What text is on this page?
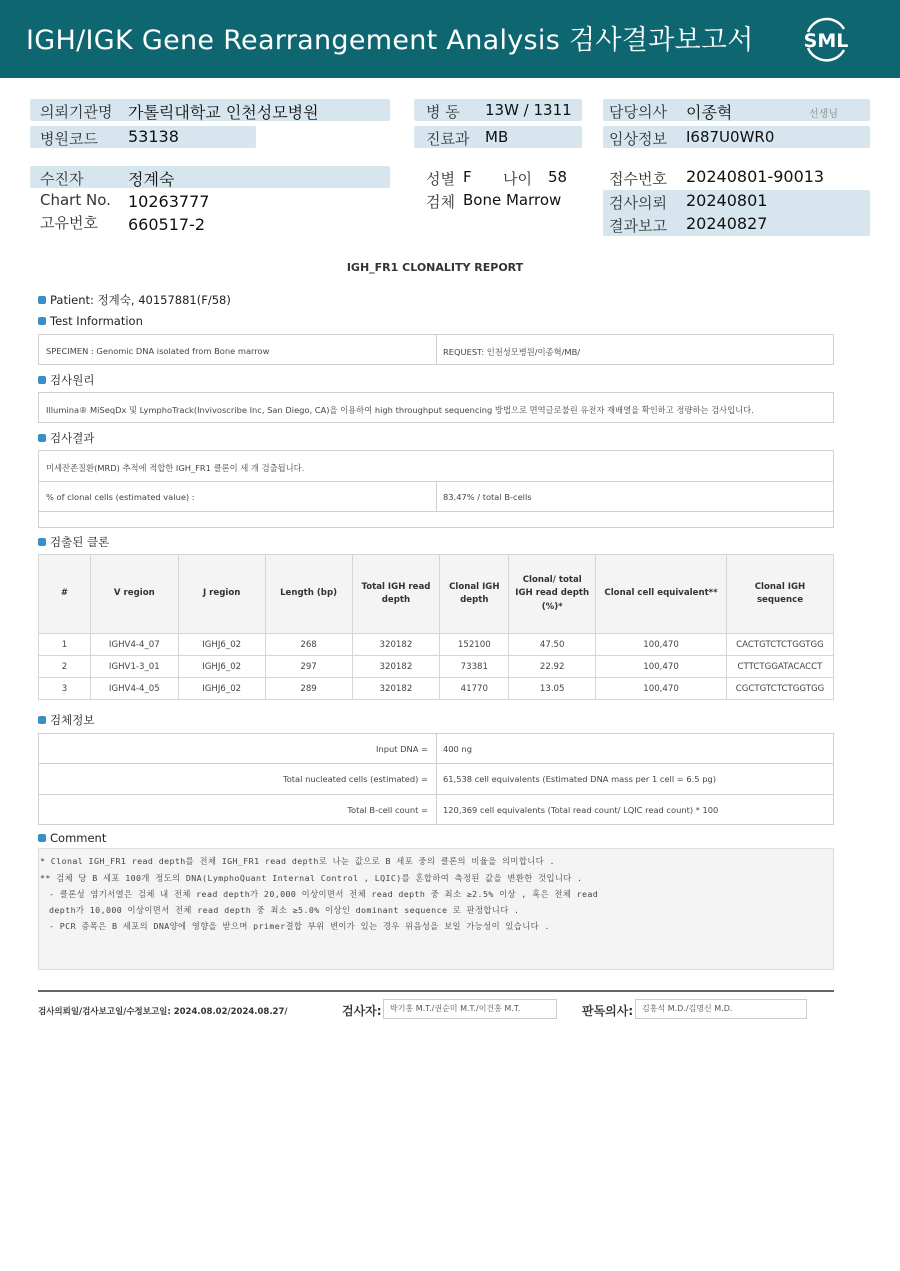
IGH/IGK Gene Rearrangement Analysis 검사결과보고서	SML
의뢰기관명 가톨릭대학교 인천성모병원
병원코드 53138
병 동 13W / 1311
진료과 MB
담당의사 이종혁	선생님
임상정보 I687U0WR0
수진자	정계숙
Chart No. 10263777
고유번호 660517-2
성별 F 나이 58
검체 Bone Marrow
접수번호 20240801-90013
검사의뢰 20240801
결과보고 20240827
IGH_FR1 CLONALITY REPORT
Patient: 정계숙, 40157881(F/58)
Test Information
SPECIMEN : Genomic DNA isolated from Bone marrow	REQUEST: 인천성모병원/이종혁/MB/
검사원리
Illumina® MiSeqDx 및 LymphoTrack(Invivoscribe Inc, San Diego, CA)을 이용하여 high throughput sequencing 방법으로 면역글로불린 유전자 재배열을 확인하고 정량하는 검사입니다.
검사결과
미세잔존질환(MRD) 추적에 적합한 IGH_FR1 클론이 세 개 검출됩니다.
% of clonal cells (estimated value) :	83.47% / total B-cells
검출된 클론
#	V region	J region	Length (bp)	Total IGH read depth	Clonal IGH depth	Clonal/ total IGH read depth (%)*	Clonal cell equivalent**	Clonal IGH sequence
1	IGHV4-4_07	IGHJ6_02	268	320182	152100	47.50	100,470	CACTGTCTCTGGTGG
2	IGHV1-3_01	IGHJ6_02	297	320182	73381	22.92	100,470	CTTCTGGATACACCT
3	IGHV4-4_05	IGHJ6_02	289	320182	41770	13.05	100,470	CGCTGTCTCTGGTGG
검체정보
Input DNA = 400 ng
Total nucleated cells (estimated) = 61,538 cell equivalents (Estimated DNA mass per 1 cell = 6.5 pg)
Total B-cell count = 120,369 cell equivalents (Total read count/ LQIC read count) * 100
Comment
* Clonal IGH_FR1 read depth를 전체 IGH_FR1 read depth로 나눈 값으로 B 세포 중의 클론의 비율을 의미합니다 .
** 검체 당 B 세포 100개 정도의 DNA(LymphoQuant Internal Control , LQIC)를 혼합하여 측정된 값을 변환한 것입니다 .
- 클론성 염기서열은 검체 내 전체 read depth가 20,000 이상이면서 전체 read depth 중 최소 ≥2.5% 이상 , 혹은 전체 read
depth가 10,000 이상이면서 전체 read depth 중 최소 ≥5.0% 이상인 dominant sequence 로 판정합니다 .
- PCR 증폭은 B 세포의 DNA양에 영향을 받으며 primer결합 부위 변이가 있는 경우 위음성을 보일 가능성이 있습니다 .
검사의뢰일/검사보고일/수정보고일: 2024.08.02/2024.08.27/	검사자:	박기홍 M.T./권순미 M.T./이건홍 M.T.	판독의사:	김홍석 M.D./김명신 M.D.
